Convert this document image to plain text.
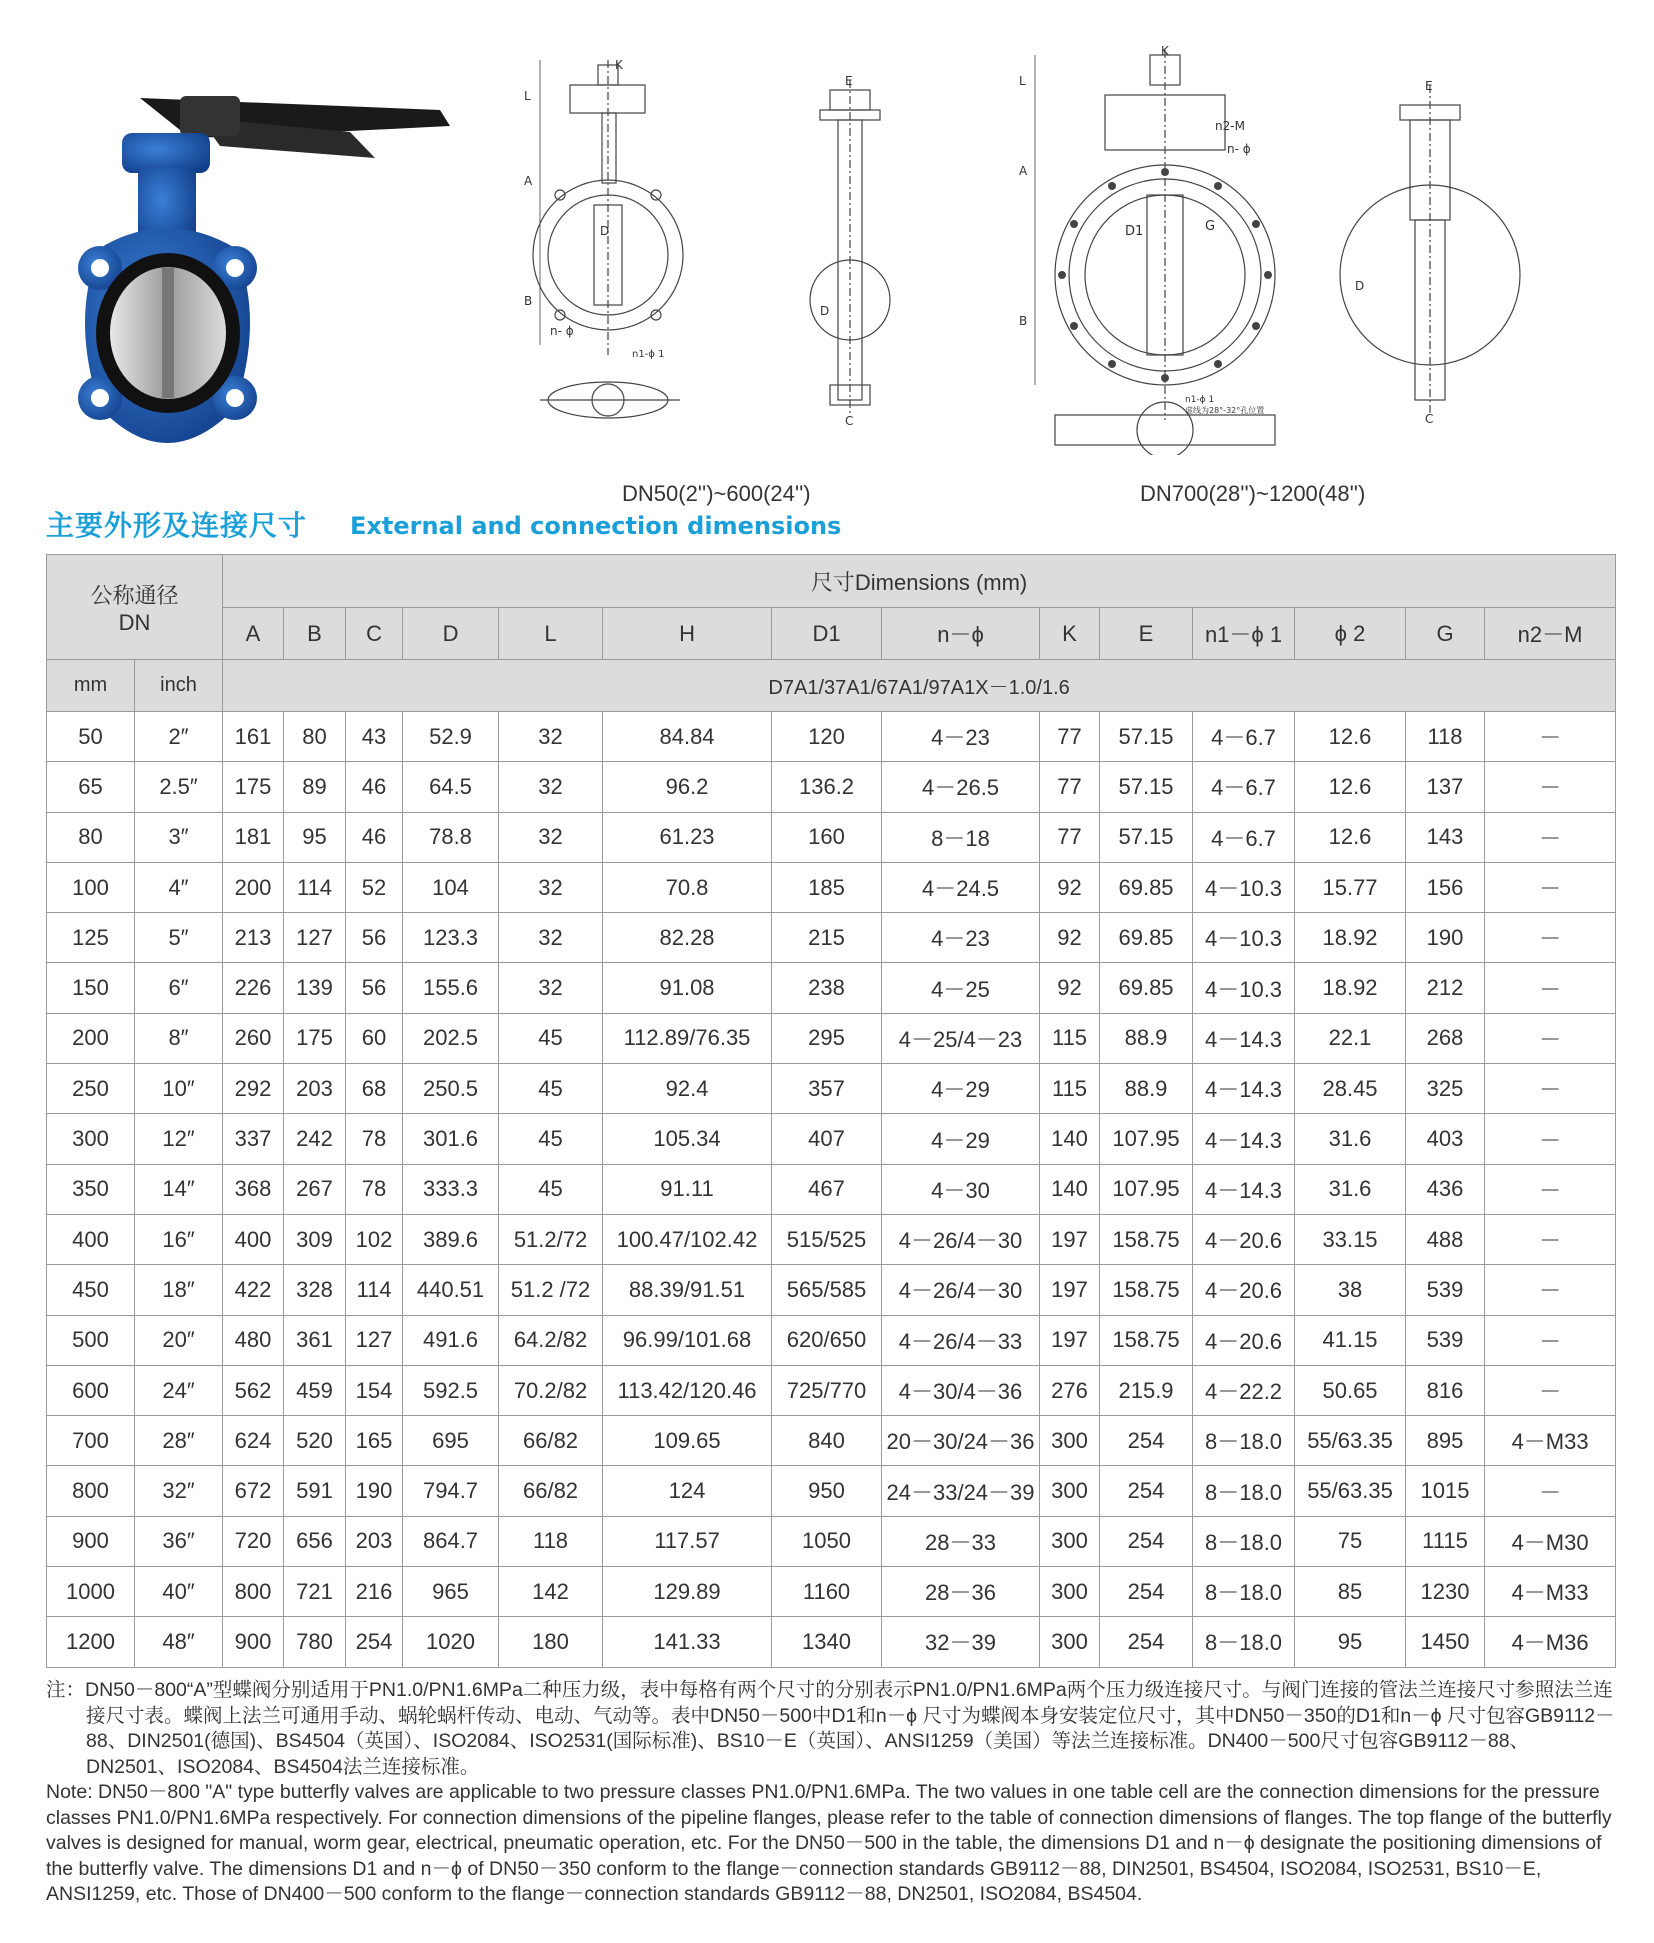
K
L
A
B
n- ϕ
n1-ϕ 1
D
E
D
C
K
L
A
B
n2-M
n- ϕ
D1	G
n1-ϕ 1
虚线为28°-32°孔位置
E
D
C
DN50(2'')~600(24'')	DN700(28'')~1200(48'')
主要外形及连接尺寸 External and connection dimensions
公称通径
DN		尺寸Dimensions (mm)													
		A	B	C	D	L	H	D1	n－ϕ	K	E	n1－ϕ 1	ϕ 2	G	n2－M
mm	inch	D7A1/37A1/67A1/97A1X－1.0/1.6													
50	2″	161	80	43	52.9	32	84.84	120	4－23	77	57.15	4－6.7	12.6	118	－
65	2.5″	175	89	46	64.5	32	96.2	136.2	4－26.5	77	57.15	4－6.7	12.6	137	－
80	3″	181	95	46	78.8	32	61.23	160	8－18	77	57.15	4－6.7	12.6	143	－
100	4″	200	114	52	104	32	70.8	185	4－24.5	92	69.85	4－10.3	15.77	156	－
125	5″	213	127	56	123.3	32	82.28	215	4－23	92	69.85	4－10.3	18.92	190	－
150	6″	226	139	56	155.6	32	91.08	238	4－25	92	69.85	4－10.3	18.92	212	－
200	8″	260	175	60	202.5	45	112.89/76.35	295	4－25/4－23	115	88.9	4－14.3	22.1	268	－
250	10″	292	203	68	250.5	45	92.4	357	4－29	115	88.9	4－14.3	28.45	325	－
300	12″	337	242	78	301.6	45	105.34	407	4－29	140	107.95	4－14.3	31.6	403	－
350	14″	368	267	78	333.3	45	91.11	467	4－30	140	107.95	4－14.3	31.6	436	－
400	16″	400	309	102	389.6	51.2/72	100.47/102.42	515/525	4－26/4－30	197	158.75	4－20.6	33.15	488	－
450	18″	422	328	114	440.51	51.2 /72	88.39/91.51	565/585	4－26/4－30	197	158.75	4－20.6	38	539	－
500	20″	480	361	127	491.6	64.2/82	96.99/101.68	620/650	4－26/4－33	197	158.75	4－20.6	41.15	539	－
600	24″	562	459	154	592.5	70.2/82	113.42/120.46	725/770	4－30/4－36	276	215.9	4－22.2	50.65	816	－
700	28″	624	520	165	695	66/82	109.65	840	20－30/24－36	300	254	8－18.0	55/63.35	895	4－M33
800	32″	672	591	190	794.7	66/82	124	950	24－33/24－39	300	254	8－18.0	55/63.35	1015	－
900	36″	720	656	203	864.7	118	117.57	1050	28－33	300	254	8－18.0	75	1115	4－M30
1000	40″	800	721	216	965	142	129.89	1160	28－36	300	254	8－18.0	85	1230	4－M33
1200	48″	900	780	254	1020	180	141.33	1340	32－39	300	254	8－18.0	95	1450	4－M36
注：DN50－800“A”型蝶阀分别适用于PN1.0/PN1.6MPa二种压力级，表中每格有两个尺寸的分别表示PN1.0/PN1.6MPa两个压力级连接尺寸。与阀门连接的管法兰连接尺寸参照法兰连接尺寸表。蝶阀上法兰可通用手动、蜗轮蜗杆传动、电动、气动等。表中DN50－500中D1和n－ϕ 尺寸为蝶阀本身安装定位尺寸，其中DN50－350的D1和n－ϕ 尺寸包容GB9112－88、DIN2501(德国)、BS4504（英国）、ISO2084、ISO2531(国际标准)、BS10－E（英国）、ANSI1259（美国）等法兰连接标准。DN400－500尺寸包容GB9112－88、DN2501、ISO2084、BS4504法兰连接标准。
Note: DN50－800 "A" type butterfly valves are applicable to two pressure classes PN1.0/PN1.6MPa. The two values in one table cell are the connection dimensions for the pressure classes PN1.0/PN1.6MPa respectively. For connection dimensions of the pipeline flanges, please refer to the table of connection dimensions of flanges. The top flange of the butterfly valves is designed for manual, worm gear, electrical, pneumatic operation, etc. For the DN50－500 in the table, the dimensions D1 and n－ϕ designate the positioning dimensions of the butterfly valve. The dimensions D1 and n－ϕ of DN50－350 conform to the flange－connection standards GB9112－88, DIN2501, BS4504, ISO2084, ISO2531, BS10－E, ANSI1259, etc. Those of DN400－500 conform to the flange－connection standards GB9112－88, DN2501, ISO2084, BS4504.
